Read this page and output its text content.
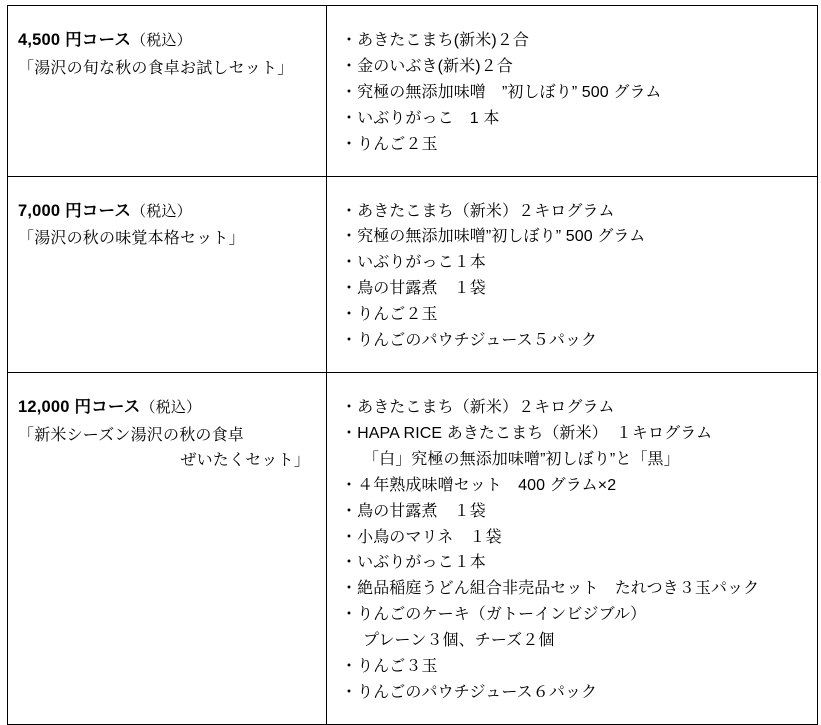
4,500 円コース（税込）
「湯沢の旬な秋の食卓お試しセット」

・あきたこまち(新米)２合
・金のいぶき(新米)２合
・究極の無添加味噌　”初しぼり” 500 グラム
・いぶりがっこ　1 本
・りんご２玉

7,000 円コース（税込）
「湯沢の秋の味覚本格セット」

・あきたこまち（新米）２キログラム
・究極の無添加味噌”初しぼり” 500 グラム
・いぶりがっこ１本
・鳥の甘露煮　１袋
・りんご２玉
・りんごのパウチジュース５パック

12,000 円コース（税込）
「新米シーズン湯沢の秋の食卓
ぜいたくセット」

・あきたこまち（新米）２キログラム
・HAPA RICE あきたこまち（新米）　１キログラム
「白」究極の無添加味噌”初しぼり”と「黒」
・４年熟成味噌セット　400 グラム×2
・鳥の甘露煮　１袋
・小鳥のマリネ　１袋
・いぶりがっこ１本
・絶品稲庭うどん組合非売品セット　たれつき３玉パック
・りんごのケーキ（ガトーインビジブル）
プレーン３個、チーズ２個
・りんご３玉
・りんごのパウチジュース６パック
